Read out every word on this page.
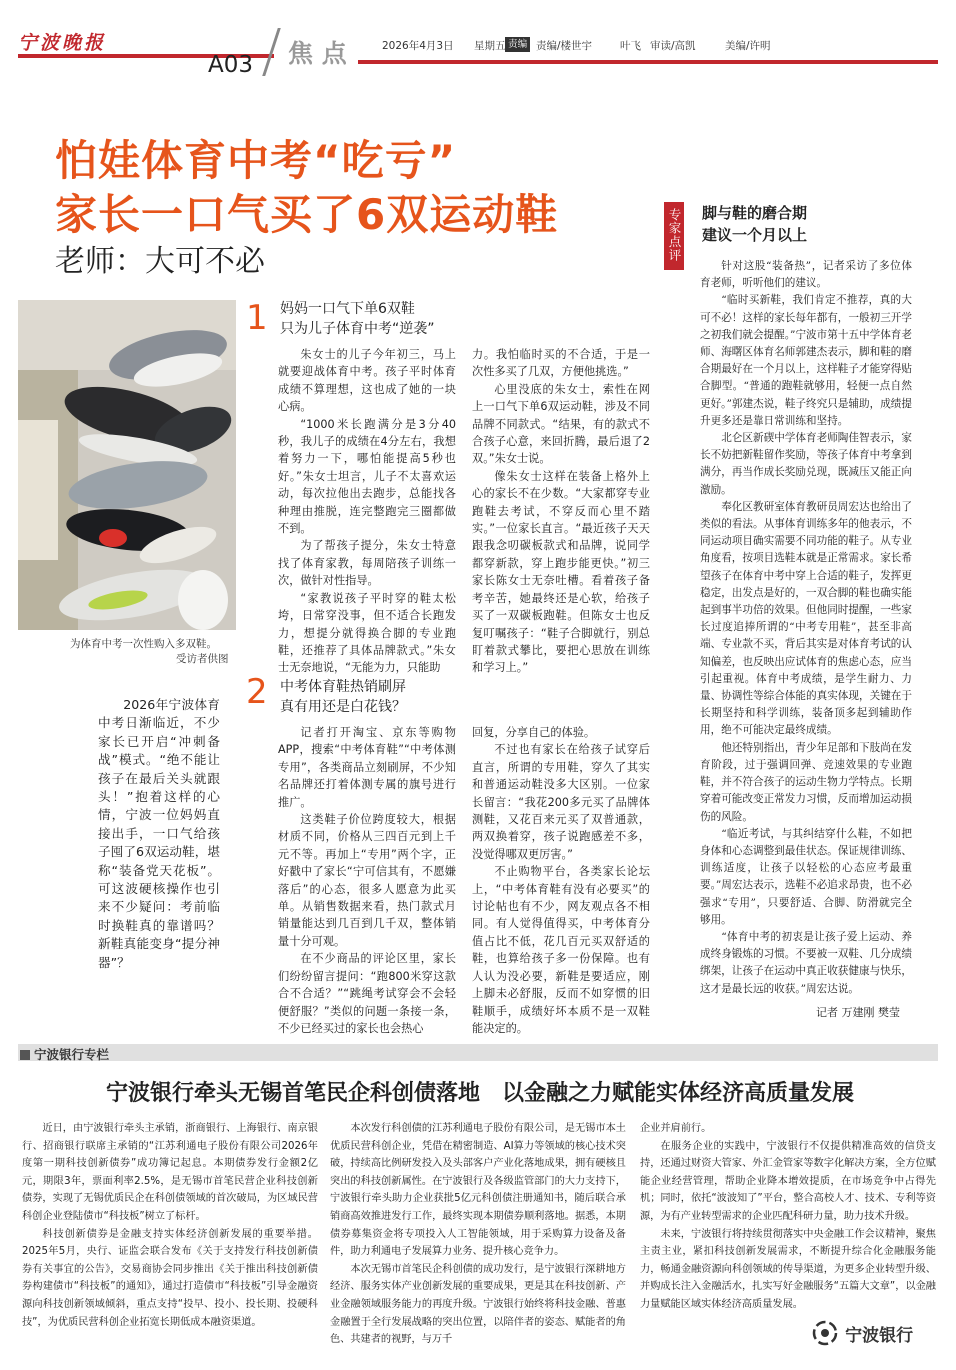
宁波晚报
A03 焦 点	2026年4月3日 星期五 责编 责编/楼世宇	叶飞 审读/高凯	美编/许明
怕娃体育中考“吃亏”
家长一口气买了6双运动鞋
老师：大可不必
为体育中考一次性购入多双鞋。
受访者供图

2026年宁波体育中考日渐临近，不少家长已开启“冲刺备战”模式。“绝不能让孩子在最后关头就跟头！”抱着这样的心情，宁波一位妈妈直接出手，一口气给孩子囤了6双运动鞋，堪称“装备党天花板”。可这波硬核操作也引来不少疑问：考前临时换鞋真的靠谱吗？新鞋真能变身“提分神器”？

1 妈妈一口气下单6双鞋
只为儿子体育中考“逆袭”

朱女士的儿子今年初三，马上就要迎战体育中考。孩子平时体育成绩不算理想，这也成了她的一块心病。

“1000米长跑满分是3分40秒，我儿子的成绩在4分左右，我想着努力一下，哪怕能提高5秒也好。”朱女士坦言，儿子不太喜欢运动，每次拉他出去跑步，总能找各种理由推脱，连完整跑完三圈都做不到。

为了帮孩子提分，朱女士特意找了体育家教，每周陪孩子训练一次，做针对性指导。

“家教说孩子平时穿的鞋太松垮，日常穿没事，但不适合长跑发力，想提分就得换合脚的专业跑鞋，还推荐了具体品牌款式。”朱女士无奈地说，“无能为力，只能助

力。我怕临时买的不合适，于是一次性多买了几双，方便他挑选。”

心里没底的朱女士，索性在网上一口气下单6双运动鞋，涉及不同品牌不同款式。“结果，有的款式不合孩子心意，来回折腾，最后退了2双。”朱女士说。

像朱女士这样在装备上格外上心的家长不在少数。“大家都穿专业跑鞋去考试，不穿反而心里不踏实。”一位家长直言。“最近孩子天天跟我念叨碳板款式和品牌，说同学都穿新款，穿上跑步能更快。”初三家长陈女士无奈吐槽。看着孩子备考辛苦，她最终还是心软，给孩子买了一双碳板跑鞋。但陈女士也反复叮嘱孩子：“鞋子合脚就行，别总盯着款式攀比，要把心思放在训练和学习上。”

2 中考体育鞋热销刷屏
真有用还是白花钱？

记者打开淘宝、京东等购物APP，搜索“中考体育鞋”“中考体测专用”，各类商品立刻刷屏，不少知名品牌还打着体测专属的旗号进行推广。

这类鞋子价位跨度较大，根据材质不同，价格从三四百元到上千元不等。再加上“专用”两个字，正好戳中了家长“宁可信其有，不愿嫌落后”的心态，很多人愿意为此买单。从销售数据来看，热门款式月销量能达到几百到几千双，整体销量十分可观。

在不少商品的评论区里，家长们纷纷留言提问：“跑800米穿这款合不合适？”“跳绳考试穿会不会轻便舒服？”类似的问题一条接一条，不少已经买过的家长也会热心

回复，分享自己的体验。

不过也有家长在给孩子试穿后直言，所谓的专用鞋，穿久了其实和普通运动鞋没多大区别。一位家长留言：“我花200多元买了品牌体测鞋，又花百来元买了双普通款，两双换着穿，孩子说跑感差不多，没觉得哪双更厉害。”

不止购物平台，各类家长论坛上，“中考体育鞋有没有必要买”的讨论帖也有不少，网友观点各不相同。有人觉得值得买，中考体育分值占比不低，花几百元买双舒适的鞋，也算给孩子多一份保障。也有人认为没必要，新鞋是要适应，刚上脚未必舒服，反而不如穿惯的旧鞋顺手，成绩好坏本质不是一双鞋能决定的。

专家点评 脚与鞋的磨合期
建议一个月以上

针对这股“装备热”，记者采访了多位体育老师，听听他们的建议。

“临时买新鞋，我们肯定不推荐，真的大可不必！这样的家长每年都有，一般初三开学之初我们就会提醒。”宁波市第十五中学体育老师、海曙区体育名师郭建杰表示，脚和鞋的磨合期最好在一个月以上，这样鞋子才能穿得贴合脚型。“普通的跑鞋就够用，轻便一点自然更好。”郭建杰说，鞋子终究只是辅助，成绩提升更多还是靠日常训练和坚持。

北仑区新碶中学体育老师陶佳智表示，家长不妨把新鞋留作奖励，等孩子体育中考拿到满分，再当作成长奖励兑现，既减压又能正向激励。

奉化区教研室体育教研员周宏达也给出了类似的看法。从事体育训练多年的他表示，不同运动项目确实需要不同功能的鞋子。从专业角度看，按项目选鞋本就是正常需求。家长希望孩子在体育中考中穿上合适的鞋子，发挥更稳定，出发点是好的，一双合脚的鞋也确实能起到事半功倍的效果。但他同时提醒，一些家长过度追捧所谓的“中考专用鞋”，甚至非高端、专业款不买，背后其实是对体育考试的认知偏差，也反映出应试体育的焦虑心态，应当引起重视。体育中考成绩，是学生耐力、力量、协调性等综合体能的真实体现，关键在于长期坚持和科学训练，装备顶多起到辅助作用，绝不可能决定最终成绩。

他还特别指出，青少年足部和下肢尚在发育阶段，过于强调回弹、竞速效果的专业跑鞋，并不符合孩子的运动生物力学特点。长期穿着可能改变正常发力习惯，反而增加运动损伤的风险。

“临近考试，与其纠结穿什么鞋，不如把身体和心态调整到最佳状态。保证规律训练、训练适度，让孩子以轻松的心态应考最重要。”周宏达表示，选鞋不必追求昂贵，也不必强求“专用”，只要舒适、合脚、防滑就完全够用。

“体育中考的初衷是让孩子爱上运动、养成终身锻炼的习惯。不要被一双鞋、几分成绩绑架，让孩子在运动中真正收获健康与快乐，这才是最长远的收获。”周宏达说。

记者 万建刚 樊莹
宁波银行专栏
宁波银行牵头无锡首笔民企科创债落地　以金融之力赋能实体经济高质量发展

近日，由宁波银行牵头主承销，浙商银行、上海银行、南京银行、招商银行联席主承销的“江苏利通电子股份有限公司2026年度第一期科技创新债券”成功簿记起息。本期债券发行金额2亿元，期限3年，票面利率2.5%，是无锡市首笔民营企业科技创新债券，实现了无锡优质民企在科创债领域的首次破局，为区域民营科创企业登陆债市“科技板”树立了标杆。

科技创新债券是金融支持实体经济创新发展的重要举措。2025年5月，央行、证监会联合发布《关于支持发行科技创新债券有关事宜的公告》，交易商协会同步推出《关于推出科技创新债券构建债市“科技板”的通知》，通过打造债市“科技板”引导金融资源向科技创新领域倾斜，重点支持“投早、投小、投长期、投硬科技”，为优质民营科创企业拓宽长期低成本融资渠道。

本次发行科创债的江苏利通电子股份有限公司，是无锡市本土优质民营科创企业，凭借在精密制造、AI算力等领域的核心技术突破，持续高比例研发投入及头部客户产业化落地成果，拥有硬核且突出的科技创新属性。在宁波银行及各级监管部门的大力支持下，宁波银行牵头助力企业获批5亿元科创债注册通知书，随后联合承销商高效推进发行工作，最终实现本期债券顺利落地。据悉，本期债券募集资金将专项投入人工智能领域，用于采购算力设备及备件，助力利通电子发展算力业务、提升核心竞争力。

本次无锡市首笔民企科创债的成功发行，是宁波银行深耕地方经济、服务实体产业创新发展的重要成果，更是其在科技创新、产业金融领域服务能力的再度升级。宁波银行始终将科技金融、普惠金融置于全行发展战略的突出位置，以陪伴者的姿态、赋能者的角色、共建者的视野，与万千

企业并肩前行。

在服务企业的实践中，宁波银行不仅提供精准高效的信贷支持，还通过财资大管家、外汇金管家等数字化解决方案，全方位赋能企业经营管理，帮助企业降本增效提质，在市场竞争中占得先机；同时，依托“波波知了”平台，整合高校人才、技术、专利等资源，为有产业转型需求的企业匹配科研力量，助力技术升级。

未来，宁波银行将持续贯彻落实中央金融工作会议精神，聚焦主责主业，紧扣科技创新发展需求，不断提升综合化金融服务能力，畅通金融资源向科创领域的传导渠道，为更多企业转型升级、并购成长注入金融活水，扎实写好金融服务“五篇大文章”，以金融力量赋能区域实体经济高质量发展。

宁波银行
